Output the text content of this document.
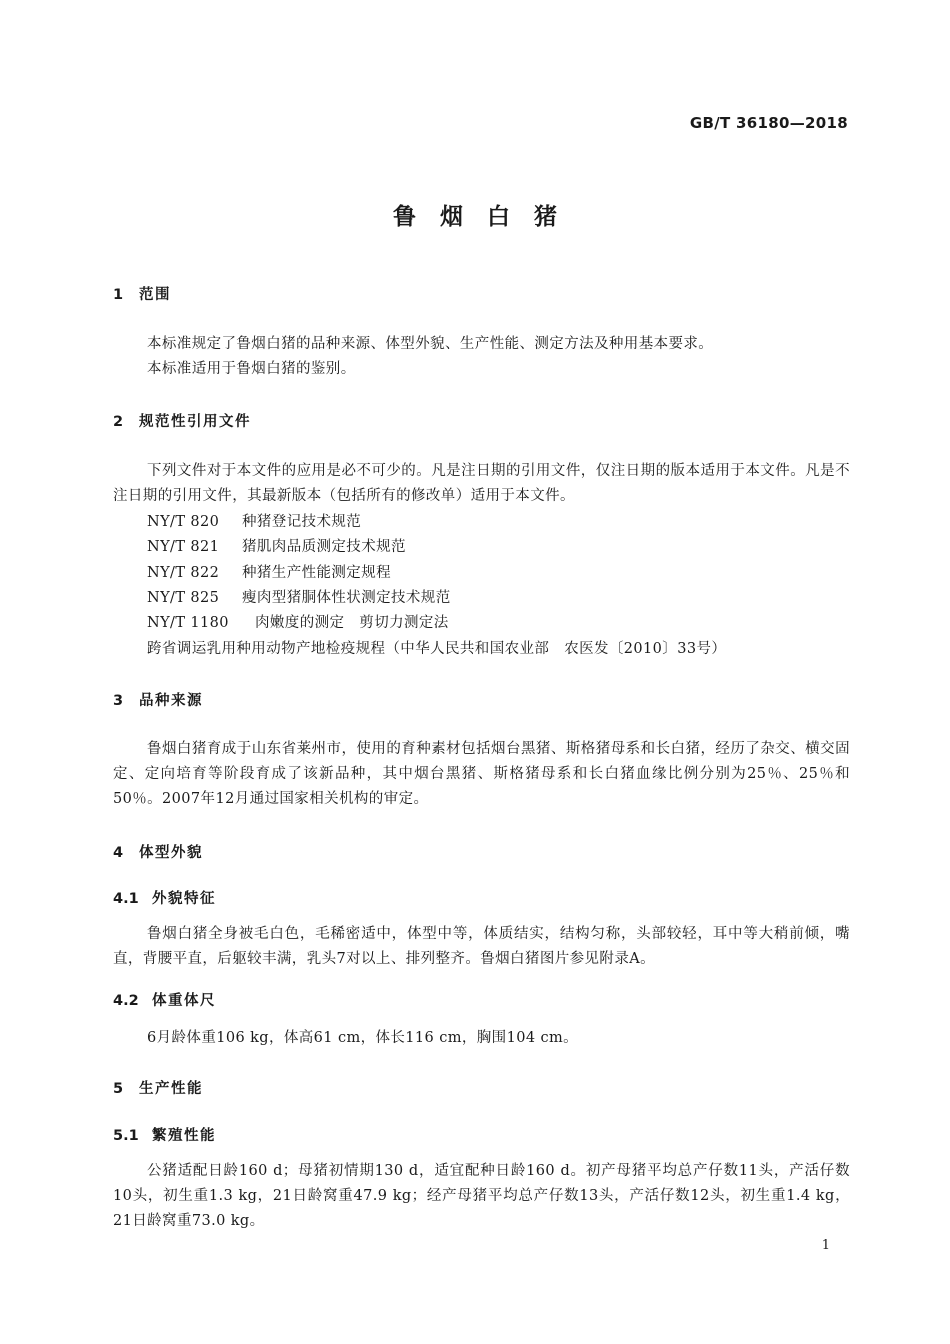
GB/T 36180—2018
鲁烟白猪
1 范围
本标准规定了鲁烟白猪的品种来源、体型外貌、生产性能、测定方法及种用基本要求。
本标准适用于鲁烟白猪的鉴别。
2 规范性引用文件
下列文件对于本文件的应用是必不可少的。凡是注日期的引用文件，仅注日期的版本适用于本文件。凡是不注日期的引用文件，其最新版本（包括所有的修改单）适用于本文件。
NY/T 820 种猪登记技术规范
NY/T 821 猪肌肉品质测定技术规范
NY/T 822 种猪生产性能测定规程
NY/T 825 瘦肉型猪胴体性状测定技术规范
NY/T 1180 肉嫩度的测定　剪切力测定法
跨省调运乳用种用动物产地检疫规程（中华人民共和国农业部　农医发〔2010〕33号）
3 品种来源
鲁烟白猪育成于山东省莱州市，使用的育种素材包括烟台黑猪、斯格猪母系和长白猪，经历了杂交、横交固定、定向培育等阶段育成了该新品种，其中烟台黑猪、斯格猪母系和长白猪血缘比例分别为25％、25％和50％。2007年12月通过国家相关机构的审定。
4 体型外貌
4.1 外貌特征
鲁烟白猪全身被毛白色，毛稀密适中，体型中等，体质结实，结构匀称，头部较轻，耳中等大稍前倾，嘴直，背腰平直，后躯较丰满，乳头7对以上、排列整齐。鲁烟白猪图片参见附录A。
4.2 体重体尺
6月龄体重106 kg，体高61 cm，体长116 cm，胸围104 cm。
5 生产性能
5.1 繁殖性能
公猪适配日龄160 d；母猪初情期130 d，适宜配种日龄160 d。初产母猪平均总产仔数11头，产活仔数10头，初生重1.3 kg，21日龄窝重47.9 kg；经产母猪平均总产仔数13头，产活仔数12头，初生重1.4 kg，21日龄窝重73.0 kg。
1
